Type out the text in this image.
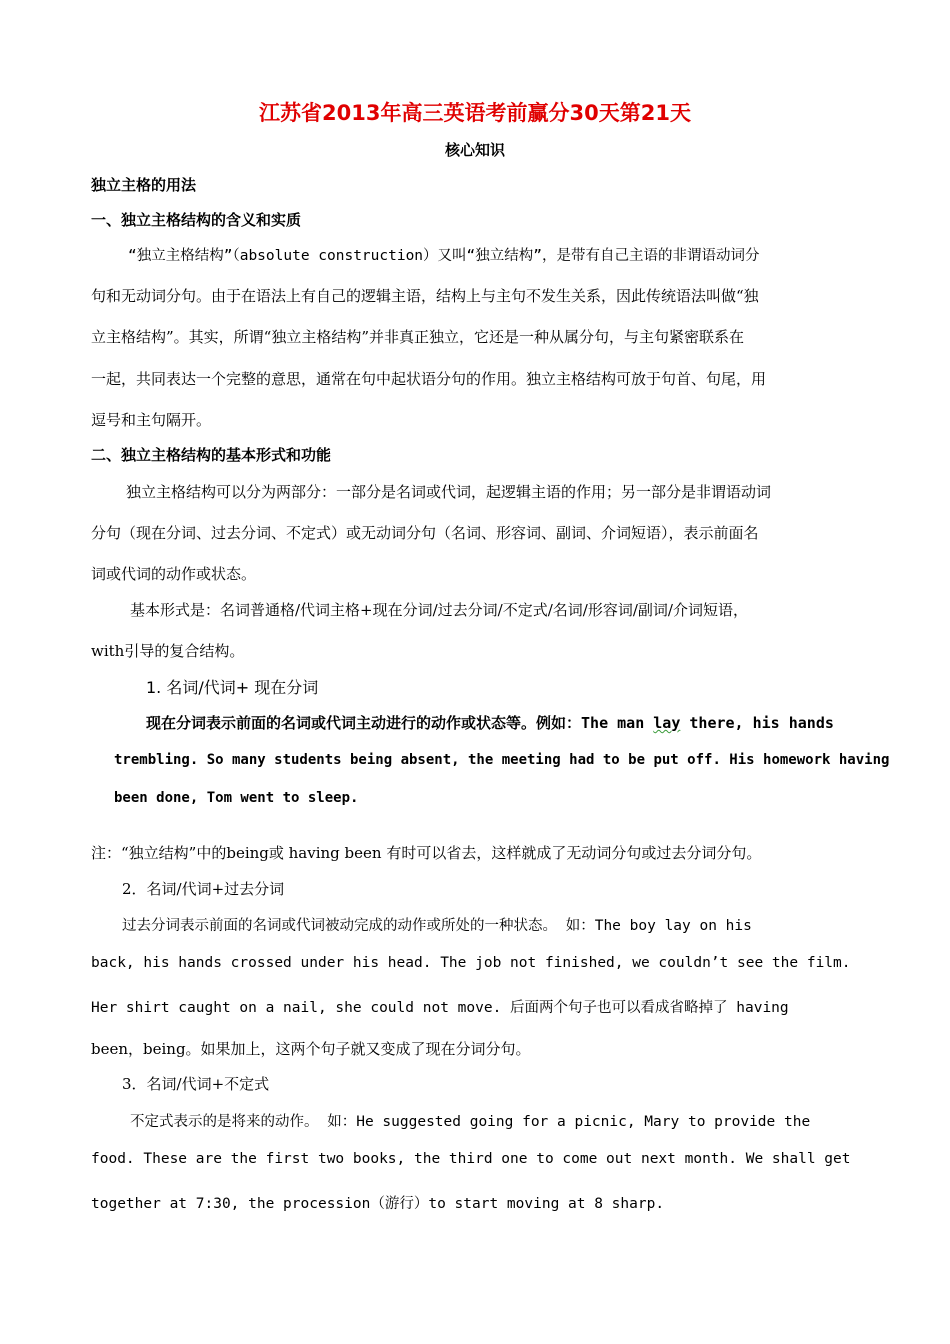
江苏省2013年高三英语考前赢分30天第21天
核心知识
独立主格的用法
一、独立主格结构的含义和实质
“独立主格结构”（absolute construction）又叫“独立结构”，是带有自己主语的非谓语动词分
句和无动词分句。由于在语法上有自己的逻辑主语，结构上与主句不发生关系，因此传统语法叫做“独
立主格结构”。其实，所谓“独立主格结构”并非真正独立，它还是一种从属分句，与主句紧密联系在
一起，共同表达一个完整的意思，通常在句中起状语分句的作用。独立主格结构可放于句首、句尾，用
逗号和主句隔开。
二、独立主格结构的基本形式和功能
独立主格结构可以分为两部分：一部分是名词或代词，起逻辑主语的作用；另一部分是非谓语动词
分句（现在分词、过去分词、不定式）或无动词分句（名词、形容词、副词、介词短语），表示前面名
词或代词的动作或状态。
基本形式是：名词普通格/代词主格+现在分词/过去分词/不定式/名词/形容词/副词/介词短语，
with引导的复合结构。
1. 名词/代词+ 现在分词
现在分词表示前面的名词或代词主动进行的动作或状态等。例如：The man lay there, his hands
trembling. So many students being absent, the meeting had to be put off. His homework having
been done, Tom went to sleep.
注：“独立结构”中的being或 having been 有时可以省去，这样就成了无动词分句或过去分词分句。
2．名词/代词+过去分词
过去分词表示前面的名词或代词被动完成的动作或所处的一种状态。 如：The boy lay on his
back, his hands crossed under his head. The job not finished, we couldn’t see the film.
Her shirt caught on a nail, she could not move. 后面两个句子也可以看成省略掉了 having
been，being。如果加上，这两个句子就又变成了现在分词分句。
3．名词/代词+不定式
不定式表示的是将来的动作。 如：He suggested going for a picnic, Mary to provide the
food. These are the first two books, the third one to come out next month. We shall get
together at 7:30, the procession（游行）to start moving at 8 sharp.
